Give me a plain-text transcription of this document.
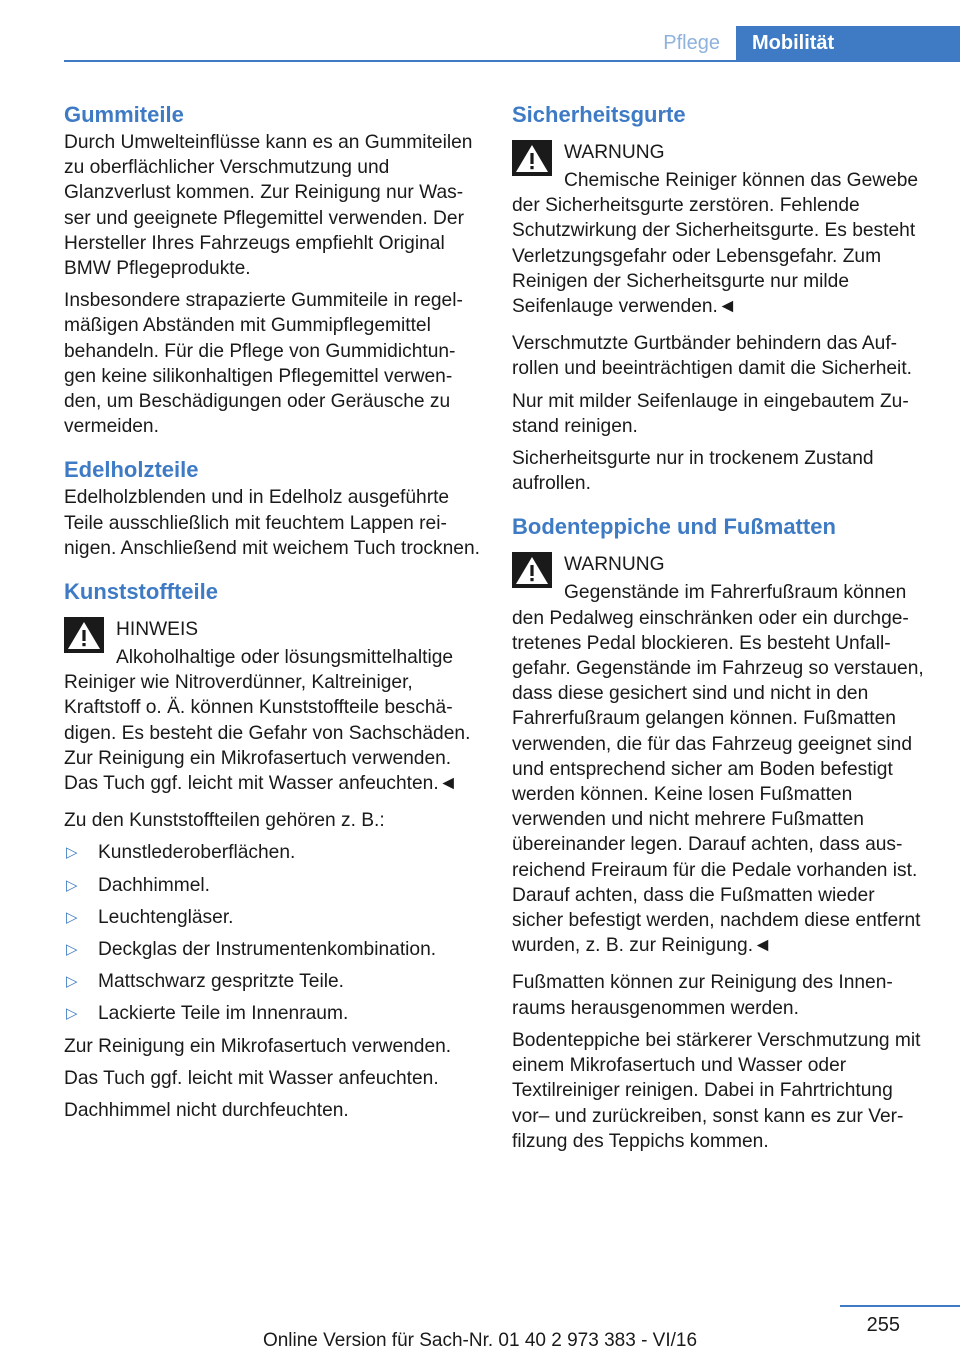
Pflege	Mobilität
Gummiteile

Durch Umwelteinflüsse kann es an Gummiteilen zu oberflächlicher Verschmutzung und Glanzverlust kommen. Zur Reinigung nur Wasser und geeignete Pflegemittel verwenden. Der Hersteller Ihres Fahrzeugs empfiehlt Original BMW Pflegeprodukte.

Insbesondere strapazierte Gummiteile in regelmäßigen Abständen mit Gummipflegemittel behandeln. Für die Pflege von Gummidichtungen keine silikonhaltigen Pflegemittel verwenden, um Beschädigungen oder Geräusche zu vermeiden.

Edelholzteile

Edelholzblenden und in Edelholz ausgeführte Teile ausschließlich mit feuchtem Lappen reinigen. Anschließend mit weichem Tuch trocknen.

Kunststoffteile
HINWEIS

Alkoholhaltige oder lösungsmittelhaltige Reiniger wie Nitroverdünner, Kaltreiniger, Kraftstoff o. Ä. können Kunststoffteile beschädigen. Es besteht die Gefahr von Sachschäden. Zur Reinigung ein Mikrofasertuch verwenden. Das Tuch ggf. leicht mit Wasser anfeuchten.◄

Zu den Kunststoffteilen gehören z. B.:

▷ Kunstlederoberflächen.
▷ Dachhimmel.
▷ Leuchtengläser.
▷ Deckglas der Instrumentenkombination.
▷ Mattschwarz gespritzte Teile.
▷ Lackierte Teile im Innenraum.

Zur Reinigung ein Mikrofasertuch verwenden.

Das Tuch ggf. leicht mit Wasser anfeuchten.

Dachhimmel nicht durchfeuchten.

Sicherheitsgurte
WARNUNG

Chemische Reiniger können das Gewebe der Sicherheitsgurte zerstören. Fehlende Schutzwirkung der Sicherheitsgurte. Es besteht Verletzungsgefahr oder Lebensgefahr. Zum Reinigen der Sicherheitsgurte nur milde Seifenlauge verwenden.◄

Verschmutzte Gurtbänder behindern das Aufrollen und beeinträchtigen damit die Sicherheit.

Nur mit milder Seifenlauge in eingebautem Zustand reinigen.

Sicherheitsgurte nur in trockenem Zustand aufrollen.

Bodenteppiche und Fußmatten
WARNUNG

Gegenstände im Fahrerfußraum können den Pedalweg einschränken oder ein durchgetretenes Pedal blockieren. Es besteht Unfallgefahr. Gegenstände im Fahrzeug so verstauen, dass diese gesichert sind und nicht in den Fahrerfußraum gelangen können. Fußmatten verwenden, die für das Fahrzeug geeignet sind und entsprechend sicher am Boden befestigt werden können. Keine losen Fußmatten verwenden und nicht mehrere Fußmatten übereinander legen. Darauf achten, dass ausreichend Freiraum für die Pedale vorhanden ist. Darauf achten, dass die Fußmatten wieder sicher befestigt werden, nachdem diese entfernt wurden, z. B. zur Reinigung.◄

Fußmatten können zur Reinigung des Innenraums herausgenommen werden.

Bodenteppiche bei stärkerer Verschmutzung mit einem Mikrofasertuch und Wasser oder Textilreiniger reinigen. Dabei in Fahrtrichtung vor– und zurückreiben, sonst kann es zur Verfilzung des Teppichs kommen.

255
Online Version für Sach-Nr. 01 40 2 973 383 - VI/16
